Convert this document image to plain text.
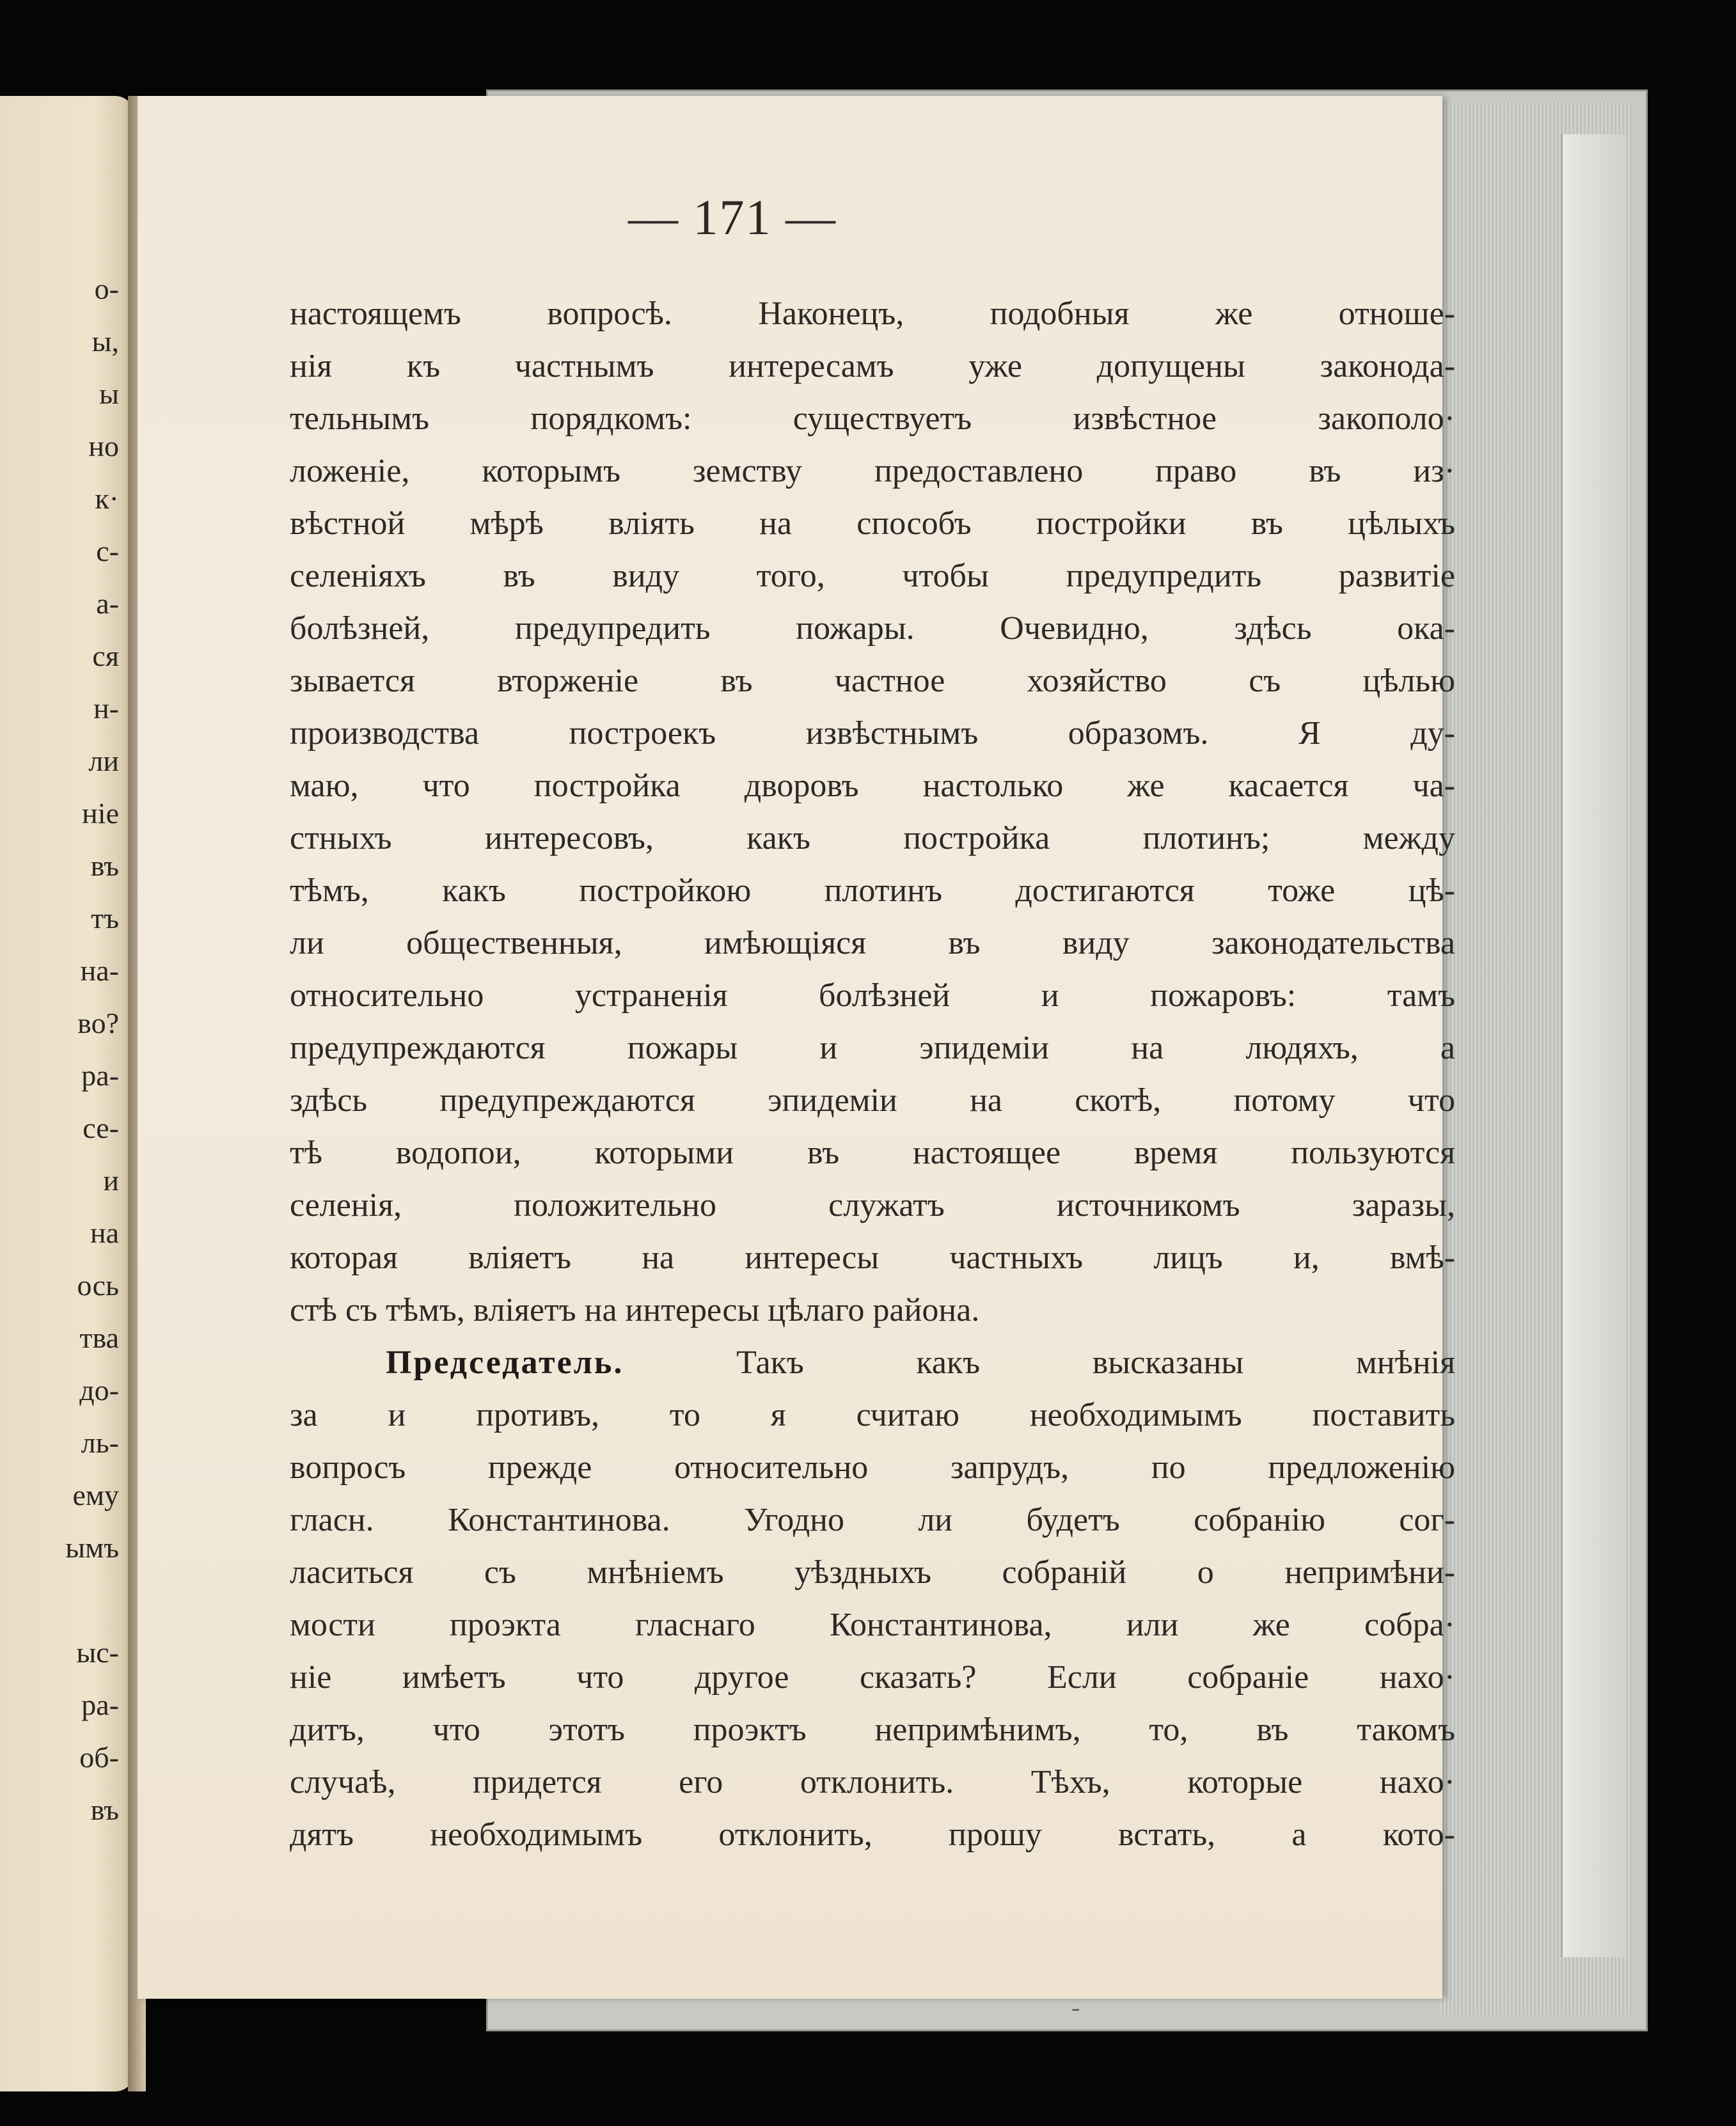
о-
ы,
ы
но
к·
с-
а-
ся
н-
ли
ніе
въ
тъ
на-
во?
ра-
се-
и
на
ось
тва
до-
ль-
ему
ымъ
ыс-
ра-
об-
въ
— 171 —
настоящемъ вопросѣ. Наконецъ, подобныя же отноше-
нія къ частнымъ интересамъ уже допущены законода-
тельнымъ порядкомъ: существуетъ извѣстное закополо·
ложеніе, которымъ земству предоставлено право въ из·
вѣстной мѣрѣ влiять на способъ постройки въ цѣлыхъ
селеніяхъ въ виду того, чтобы предупредить развитіе
болѣзней, предупредить пожары. Очевидно, здѣсь ока-
зывается вторженіе въ частное хозяйство съ цѣлью
производства построекъ извѣстнымъ образомъ. Я ду-
маю, что постройка дворовъ настолько же касается ча-
стныхъ интересовъ, какъ постройка плотинъ; между
тѣмъ, какъ постройкою плотинъ достигаются тоже цѣ-
ли общественныя, имѣющіяся въ виду законодательства
относительно устраненія болѣзней и пожаровъ: тамъ
предупреждаются пожары и эпидеміи на людяхъ, а
здѣсь предупреждаются эпидеміи на скотѣ, потому что
тѣ водопои, которыми въ настоящее время пользуются
селенія, положительно служатъ источникомъ заразы,
которая вліяетъ на интересы частныхъ лицъ и, вмѣ-
стѣ съ тѣмъ, вліяетъ на интересы цѣлаго района.
Председатель.	Такъ какъ высказаны мнѣнія
за и противъ, то я считаю необходимымъ поставить
вопросъ прежде относительно запрудъ, по предложенію
гласн. Константинова. Угодно ли будетъ собранію сог-
ласиться съ мнѣніемъ уѣздныхъ собраній о непримѣни-
мости проэкта гласнаго Константинова, или же собра·
ніе имѣетъ что другое сказать? Если собраніе нахо·
дитъ, что этотъ проэктъ непримѣнимъ, то, въ такомъ
случаѣ, придется его отклонить. Тѣхъ, которые нахо·
дятъ необходимымъ отклонить, прошу встать, а кото-
-
